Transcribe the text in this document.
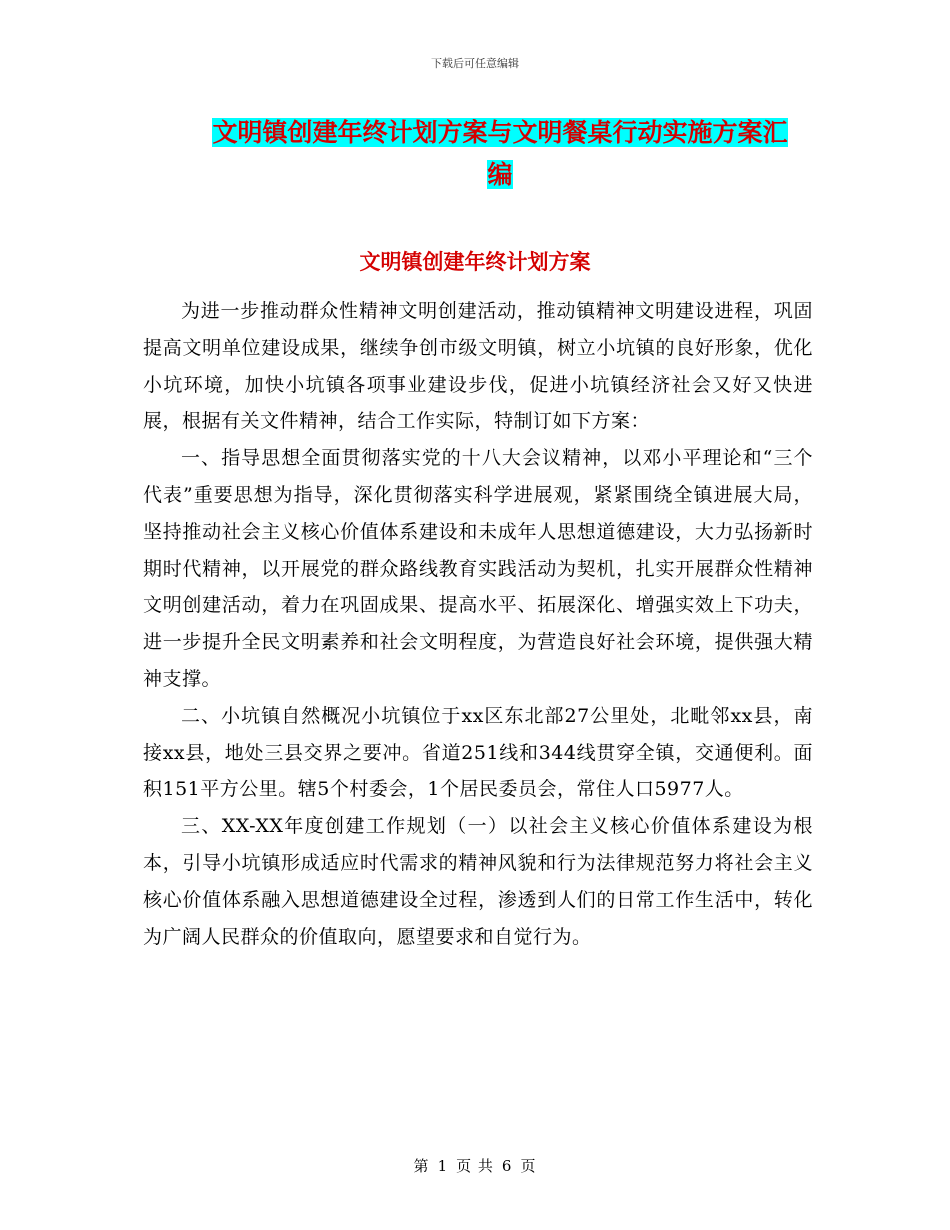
下载后可任意编辑
文明镇创建年终计划方案与文明餐桌行动实施方案汇
编
文明镇创建年终计划方案

为进一步推动群众性精神文明创建活动，推动镇精神文明建设进程，巩固提高文明单位建设成果，继续争创市级文明镇，树立小坑镇的良好形象，优化小坑环境，加快小坑镇各项事业建设步伐，促进小坑镇经济社会又好又快进展，根据有关文件精神，结合工作实际，特制订如下方案：

一、指导思想全面贯彻落实党的十八大会议精神，以邓小平理论和“三个代表”重要思想为指导，深化贯彻落实科学进展观，紧紧围绕全镇进展大局，坚持推动社会主义核心价值体系建设和未成年人思想道德建设，大力弘扬新时期时代精神，以开展党的群众路线教育实践活动为契机，扎实开展群众性精神文明创建活动，着力在巩固成果、提高水平、拓展深化、增强实效上下功夫，进一步提升全民文明素养和社会文明程度，为营造良好社会环境，提供强大精神支撑。

二、小坑镇自然概况小坑镇位于xx区东北部27公里处，北毗邻xx县，南接xx县，地处三县交界之要冲。省道251线和344线贯穿全镇，交通便利。面积151平方公里。辖5个村委会，1个居民委员会，常住人口5977人。

三、XX-XX年度创建工作规划（一）以社会主义核心价值体系建设为根本，引导小坑镇形成适应时代需求的精神风貌和行为法律规范努力将社会主义核心价值体系融入思想道德建设全过程，渗透到人们的日常工作生活中，转化为广阔人民群众的价值取向，愿望要求和自觉行为。

第 1 页 共 6 页
